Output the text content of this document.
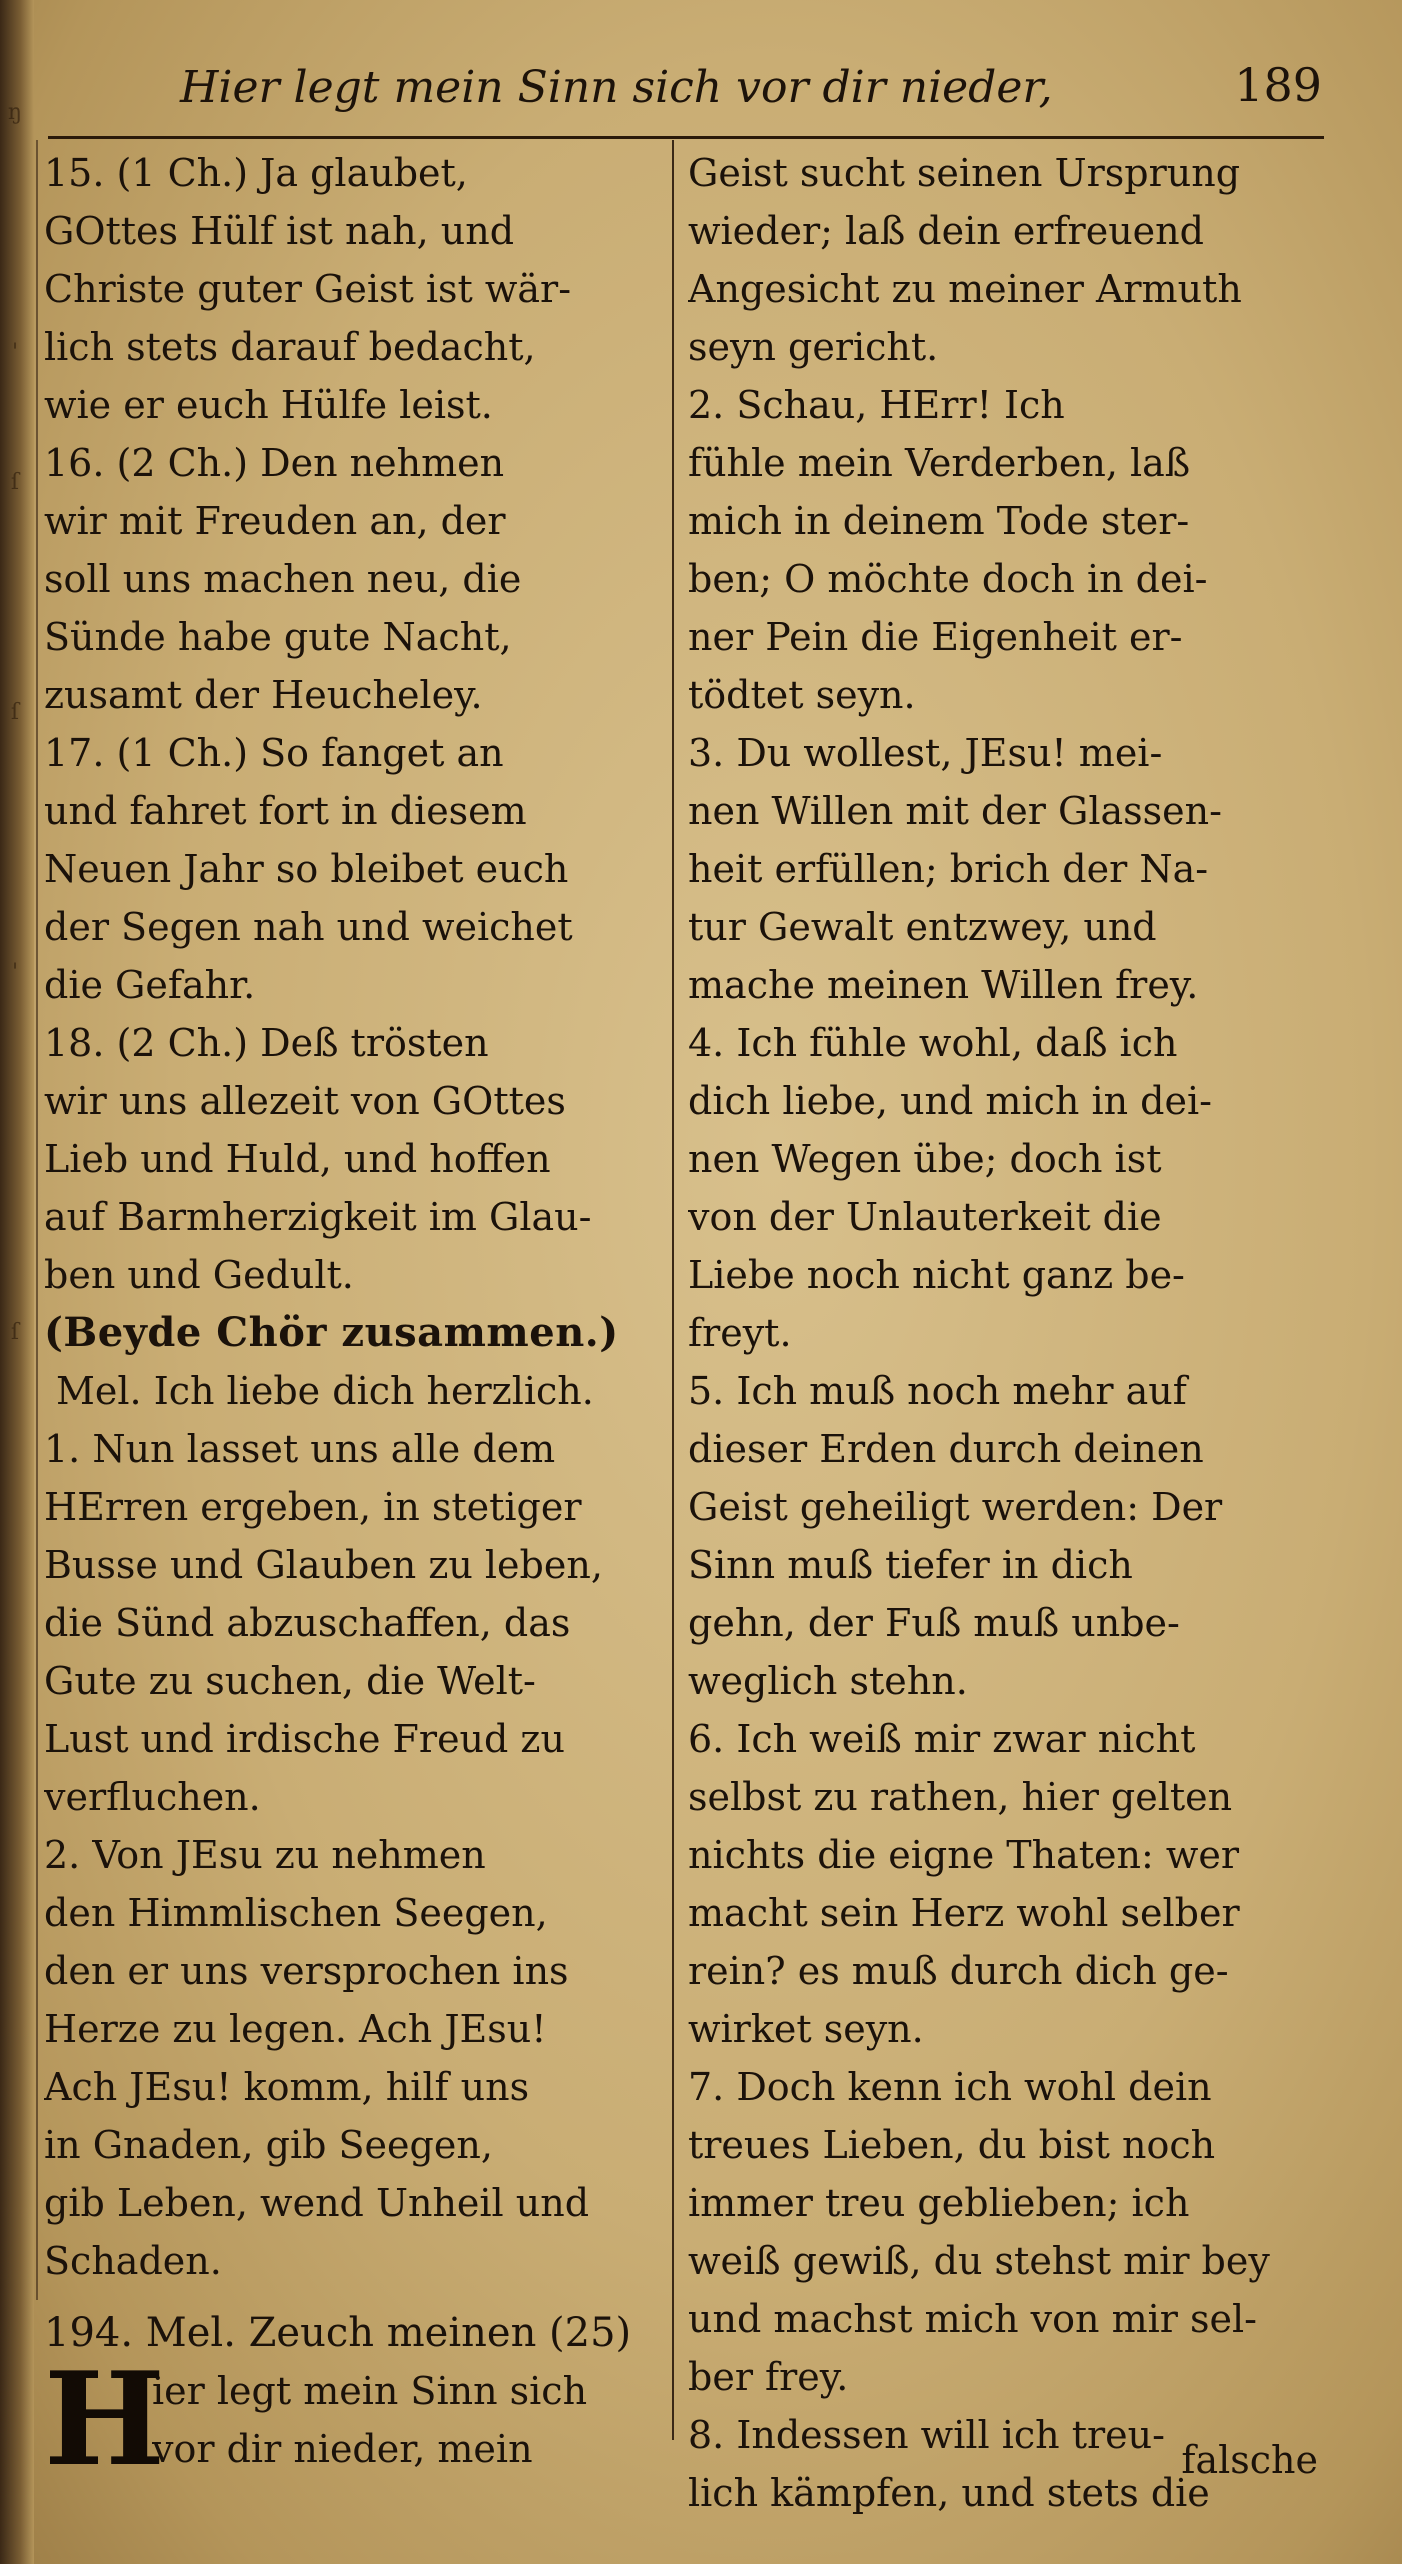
ŋ
'
ſ
ſ
'
ſ
Hier legt mein Sinn sich vor dir nieder,	189
15. (1 Ch.) Ja glaubet,
GOttes Hülf ist nah, und
Christe guter Geist ist wär-
lich stets darauf bedacht,
wie er euch Hülfe leist.
16. (2 Ch.) Den nehmen
wir mit Freuden an, der
soll uns machen neu, die
Sünde habe gute Nacht,
zusamt der Heucheley.
17. (1 Ch.) So fanget an
und fahret fort in diesem
Neuen Jahr so bleibet euch
der Segen nah und weichet
die Gefahr.
18. (2 Ch.) Deß trösten
wir uns allezeit von GOttes
Lieb und Huld, und hoffen
auf Barmherzigkeit im Glau-
ben und Gedult.
(Beyde Chör zusammen.)
Mel. Ich liebe dich herzlich.
1. Nun lasset uns alle dem
HErren ergeben, in stetiger
Busse und Glauben zu leben,
die Sünd abzuschaffen, das
Gute zu suchen, die Welt-
Lust und irdische Freud zu
verfluchen.
2. Von JEsu zu nehmen
den Himmlischen Seegen,
den er uns versprochen ins
Herze zu legen. Ach JEsu!
Ach JEsu! komm, hilf uns
in Gnaden, gib Seegen,
gib Leben, wend Unheil und
Schaden.
194. Mel. Zeuch meinen (25)
H
ier legt mein Sinn sich
vor dir nieder, mein
Geist sucht seinen Ursprung
wieder; laß dein erfreuend
Angesicht zu meiner Armuth
seyn gericht.
2. Schau, HErr! Ich
fühle mein Verderben, laß
mich in deinem Tode ster-
ben; O möchte doch in dei-
ner Pein die Eigenheit er-
tödtet seyn.
3. Du wollest, JEsu! mei-
nen Willen mit der Glassen-
heit erfüllen; brich der Na-
tur Gewalt entzwey, und
mache meinen Willen frey.
4. Ich fühle wohl, daß ich
dich liebe, und mich in dei-
nen Wegen übe; doch ist
von der Unlauterkeit die
Liebe noch nicht ganz be-
freyt.
5. Ich muß noch mehr auf
dieser Erden durch deinen
Geist geheiligt werden: Der
Sinn muß tiefer in dich
gehn, der Fuß muß unbe-
weglich stehn.
6. Ich weiß mir zwar nicht
selbst zu rathen, hier gelten
nichts die eigne Thaten: wer
macht sein Herz wohl selber
rein? es muß durch dich ge-
wirket seyn.
7. Doch kenn ich wohl dein
treues Lieben, du bist noch
immer treu geblieben; ich
weiß gewiß, du stehst mir bey
und machst mich von mir sel-
ber frey.
8. Indessen will ich treu-
lich kämpfen, und stets die
falsche
